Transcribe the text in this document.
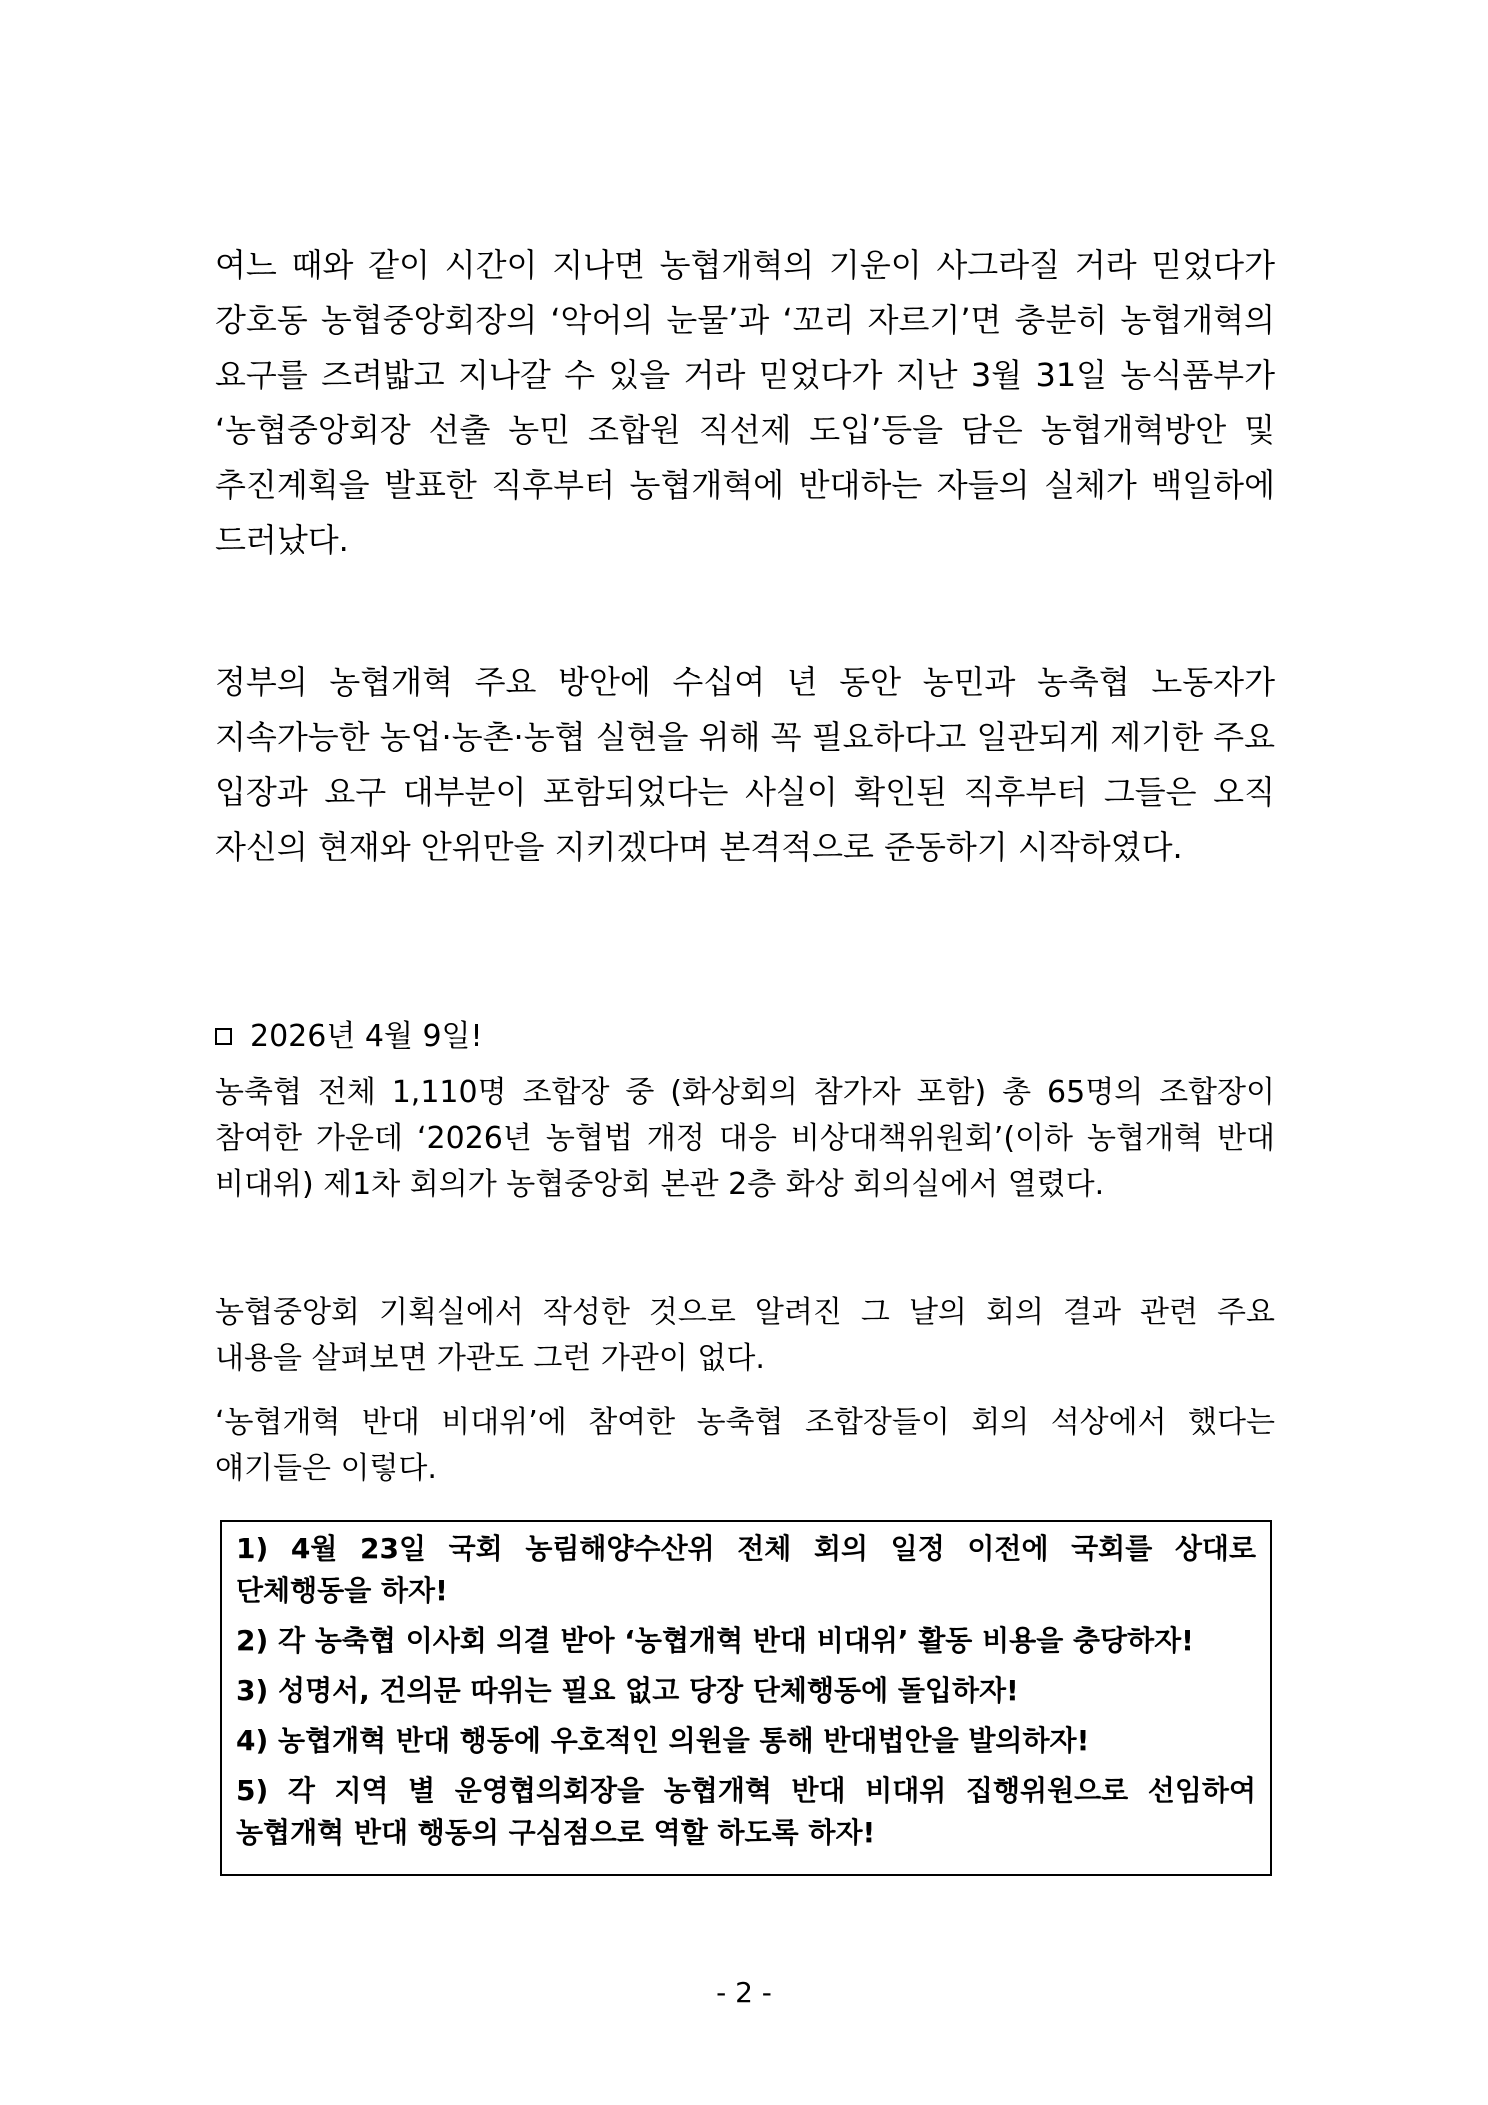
여느 때와 같이 시간이 지나면 농협개혁의 기운이 사그라질 거라 믿었다가 강호동 농협중앙회장의 ‘악어의 눈물’과 ‘꼬리 자르기’면 충분히 농협개혁의 요구를 즈려밟고 지나갈 수 있을 거라 믿었다가 지난 3월 31일 농식품부가 ‘농협중앙회장 선출 농민 조합원 직선제 도입’등을 담은 농협개혁방안 및 추진계획을 발표한 직후부터 농협개혁에 반대하는 자들의 실체가 백일하에 드러났다.

정부의 농협개혁 주요 방안에 수십여 년 동안 농민과 농축협 노동자가 지속가능한 농업·농촌·농협 실현을 위해 꼭 필요하다고 일관되게 제기한 주요 입장과 요구 대부분이 포함되었다는 사실이 확인된 직후부터 그들은 오직 자신의 현재와 안위만을 지키겠다며 본격적으로 준동하기 시작하였다.

2026년 4월 9일!

농축협 전체 1,110명 조합장 중 (화상회의 참가자 포함) 총 65명의 조합장이 참여한 가운데 ‘2026년 농협법 개정 대응 비상대책위원회’(이하 농협개혁 반대 비대위) 제1차 회의가 농협중앙회 본관 2층 화상 회의실에서 열렸다.

농협중앙회 기획실에서 작성한 것으로 알려진 그 날의 회의 결과 관련 주요 내용을 살펴보면 가관도 그런 가관이 없다.

‘농협개혁 반대 비대위’에 참여한 농축협 조합장들이 회의 석상에서 했다는 얘기들은 이렇다.

1) 4월 23일 국회 농림해양수산위 전체 회의 일정 이전에 국회를 상대로 단체행동을 하자!

2) 각 농축협 이사회 의결 받아 ‘농협개혁 반대 비대위’ 활동 비용을 충당하자!

3) 성명서, 건의문 따위는 필요 없고 당장 단체행동에 돌입하자!

4) 농협개혁 반대 행동에 우호적인 의원을 통해 반대법안을 발의하자!

5) 각 지역 별 운영협의회장을 농협개혁 반대 비대위 집행위원으로 선임하여 농협개혁 반대 행동의 구심점으로 역할 하도록 하자!

- 2 -
